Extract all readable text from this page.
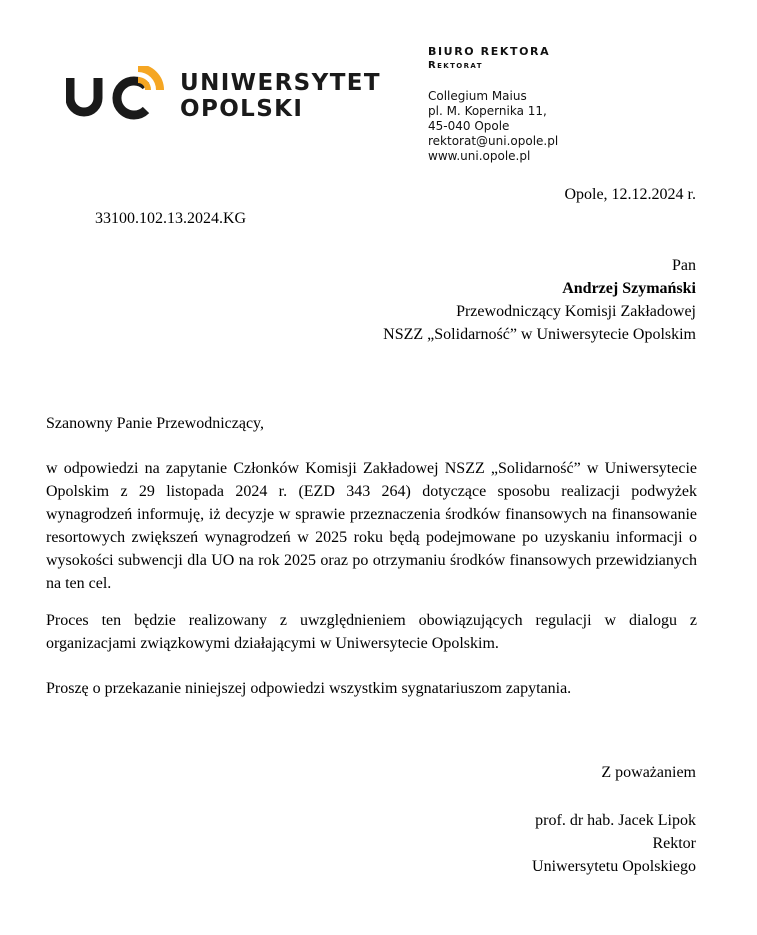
UNIWERSYTET
OPOLSKI
BIURO REKTORA
Rektorat
Collegium Maius
pl. M. Kopernika 11,
45-040 Opole
rektorat@uni.opole.pl
www.uni.opole.pl
Opole, 12.12.2024 r.
33100.102.13.2024.KG
Pan
Andrzej Szymański
Przewodniczący Komisji Zakładowej
NSZZ „Solidarność” w Uniwersytecie Opolskim
Szanowny Panie Przewodniczący,
w odpowiedzi na zapytanie Członków Komisji Zakładowej NSZZ „Solidarność” w Uniwersytecie Opolskim z 29 listopada 2024 r. (EZD 343 264) dotyczące sposobu realizacji podwyżek wynagrodzeń informuję, iż decyzje w sprawie przeznaczenia środków finansowych na finansowanie resortowych zwiększeń wynagrodzeń w 2025 roku będą podejmowane po uzyskaniu informacji o wysokości subwencji dla UO na rok 2025 oraz po otrzymaniu środków finansowych przewidzianych na ten cel.
Proces ten będzie realizowany z uwzględnieniem obowiązujących regulacji w dialogu z organizacjami związkowymi działającymi w Uniwersytecie Opolskim.
Proszę o przekazanie niniejszej odpowiedzi wszystkim sygnatariuszom zapytania.
Z poważaniem
prof. dr hab. Jacek Lipok
Rektor
Uniwersytetu Opolskiego
